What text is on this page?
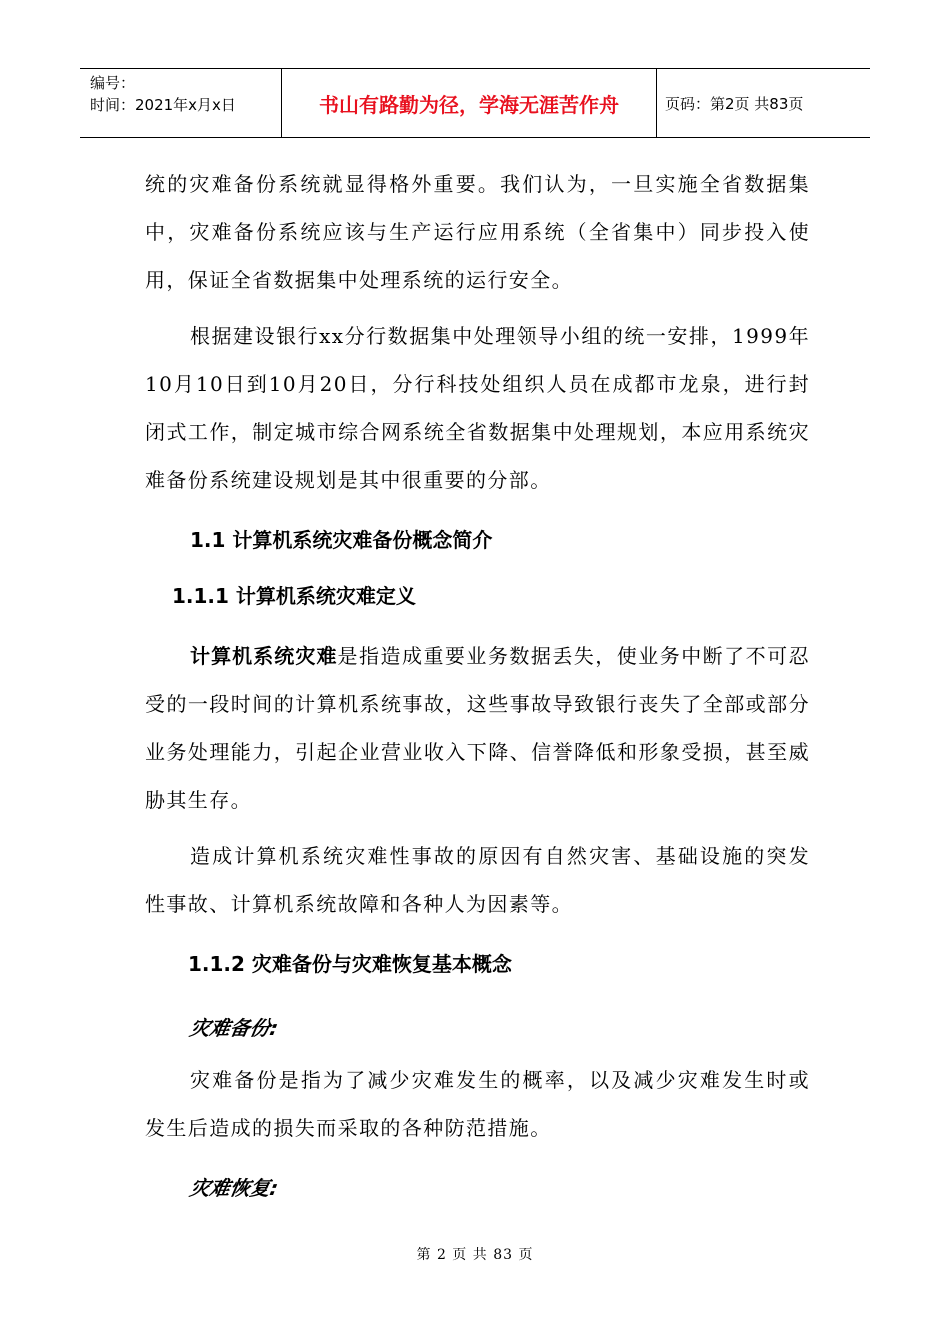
编号：
时间：2021年x月x日	书山有路勤为径，学海无涯苦作舟	页码：第2页 共83页

统的灾难备份系统就显得格外重要。我们认为，一旦实施全省数据集中，灾难备份系统应该与生产运行应用系统（全省集中）同步投入使用，保证全省数据集中处理系统的运行安全。

根据建设银行xx分行数据集中处理领导小组的统一安排，1999年10月10日到10月20日，分行科技处组织人员在成都市龙泉，进行封闭式工作，制定城市综合网系统全省数据集中处理规划，本应用系统灾难备份系统建设规划是其中很重要的分部。

1.1 计算机系统灾难备份概念简介
1.1.1 计算机系统灾难定义

计算机系统灾难是指造成重要业务数据丢失，使业务中断了不可忍受的一段时间的计算机系统事故，这些事故导致银行丧失了全部或部分业务处理能力，引起企业营业收入下降、信誉降低和形象受损，甚至威胁其生存。

造成计算机系统灾难性事故的原因有自然灾害、基础设施的突发性事故、计算机系统故障和各种人为因素等。

1.1.2 灾难备份与灾难恢复基本概念

灾难备份:

灾难备份是指为了减少灾难发生的概率，以及减少灾难发生时或发生后造成的损失而采取的各种防范措施。

灾难恢复:

第 2 页 共 83 页
